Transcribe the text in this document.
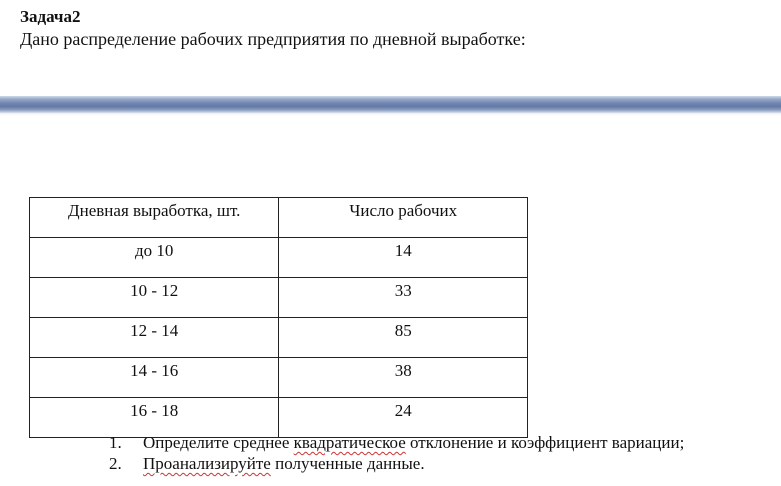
Задача2
Дано распределение рабочих предприятия по дневной выработке:
Дневная выработка, шт.	Число рабочих
до 10	14
10 - 12	33
12 - 14	85
14 - 16	38
16 - 18	24
1.	Определите среднее квадратическое отклонение и коэффициент вариации;
2.	Проанализируйте полученные данные.
